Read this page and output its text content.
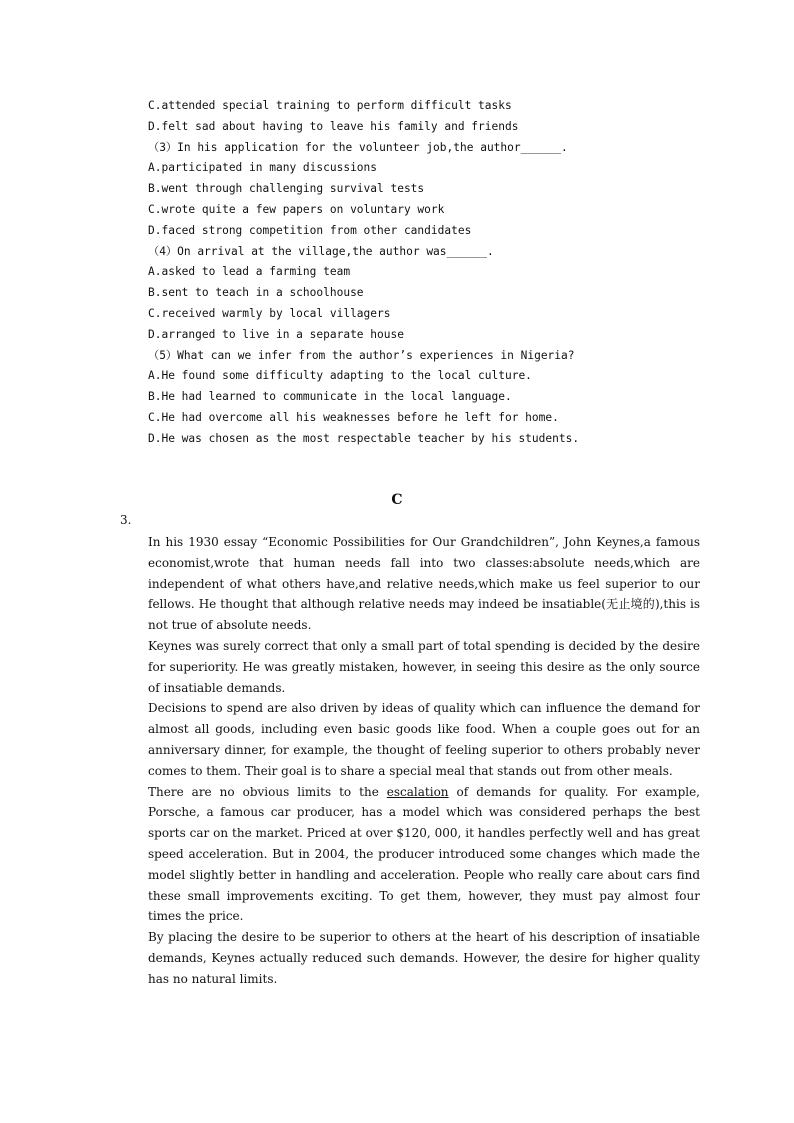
C.attended special training to perform difficult tasks
D.felt sad about having to leave his family and friends
（3）In his application for the volunteer job,the author______.
A.participated in many discussions
B.went through challenging survival tests
C.wrote quite a few papers on voluntary work
D.faced strong competition from other candidates
（4）On arrival at the village,the author was______.
A.asked to lead a farming team
B.sent to teach in a schoolhouse
C.received warmly by local villagers
D.arranged to live in a separate house
（5）What can we infer from the author’s experiences in Nigeria?
A.He found some difficulty adapting to the local culture.
B.He had learned to communicate in the local language.
C.He had overcome all his weaknesses before he left for home.
D.He was chosen as the most respectable teacher by his students.
C
3.

In his 1930 essay “Economic Possibilities for Our Grandchildren”, John Keynes,a famous economist,wrote that human needs fall into two classes:absolute needs,which are independent of what others have,and relative needs,which make us feel superior to our fellows. He thought that although relative needs may indeed be insatiable(无止境的),this is not true of absolute needs.

Keynes was surely correct that only a small part of total spending is decided by the desire for superiority. He was greatly mistaken, however, in seeing this desire as the only source of insatiable demands.

Decisions to spend are also driven by ideas of quality which can influence the demand for almost all goods, including even basic goods like food. When a couple goes out for an anniversary dinner, for example, the thought of feeling superior to others probably never comes to them. Their goal is to share a special meal that stands out from other meals.

There are no obvious limits to the escalation of demands for quality. For example, Porsche, a famous car producer, has a model which was considered perhaps the best sports car on the market. Priced at over $120, 000, it handles perfectly well and has great speed acceleration. But in 2004, the producer introduced some changes which made the model slightly better in handling and acceleration. People who really care about cars find these small improvements exciting. To get them, however, they must pay almost four times the price.

By placing the desire to be superior to others at the heart of his description of insatiable demands, Keynes actually reduced such demands. However, the desire for higher quality has no natural limits.
